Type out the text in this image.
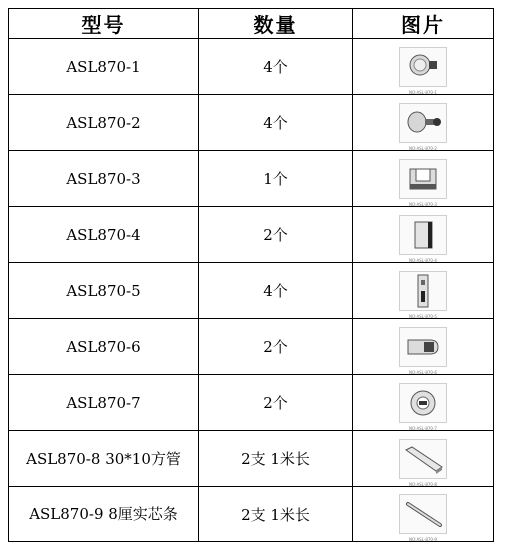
型号	数量	图片
ASL870-1	4个	NO:ASL-870-1

ASL870-2	4个	NO:ASL-870-2

ASL870-3	1个	NO:ASL-870-3

ASL870-4	2个	NO:ASL-870-4

ASL870-5	4个	NO:ASL-870-5

ASL870-6	2个	NO:ASL-870-6

ASL870-7	2个	NO:ASL-870-7

ASL870-8 30*10方管	2支 1米长	NO:ASL-870-8

ASL870-9 8厘实芯条	2支 1米长	NO:ASL-870-9
